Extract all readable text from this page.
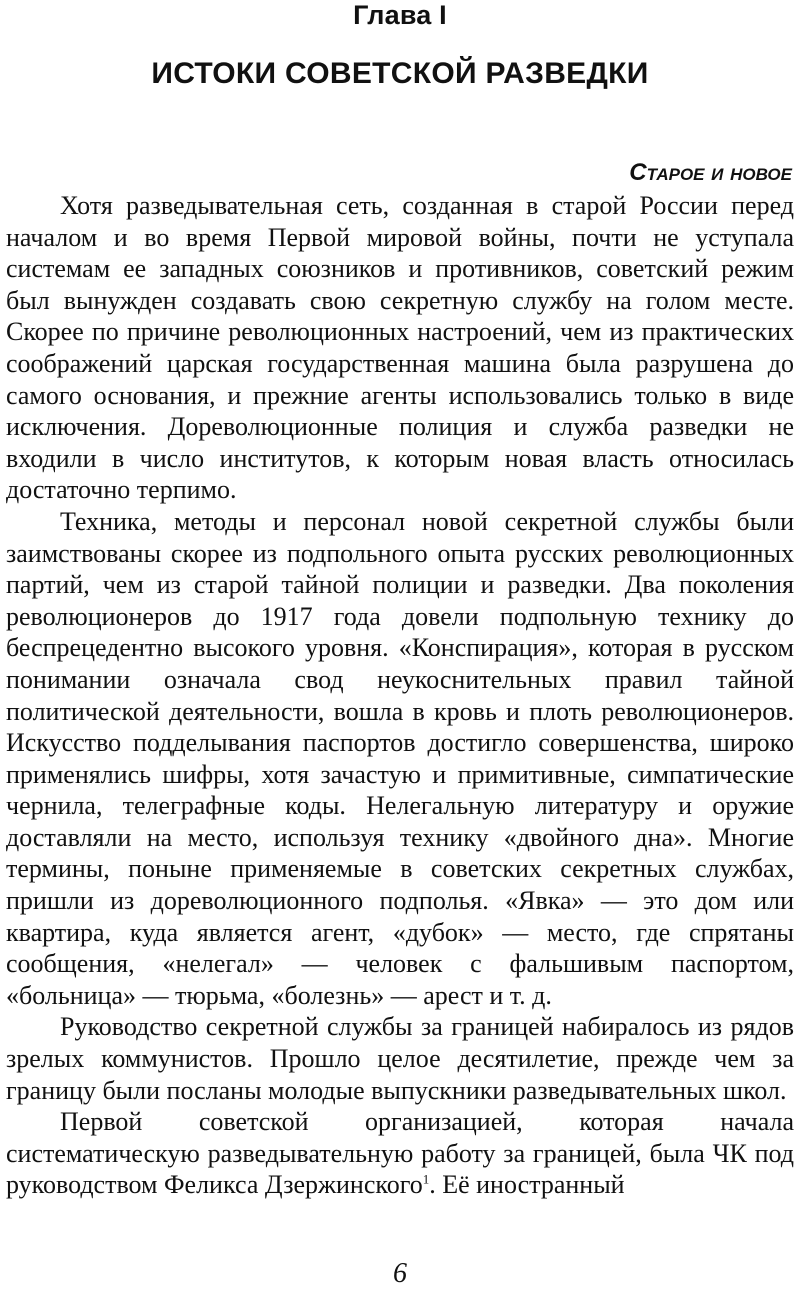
Глава I
ИСТОКИ СОВЕТСКОЙ РАЗВЕДКИ
Старое и новое

Хотя разведывательная сеть, созданная в старой России перед началом и во время Первой мировой войны, почти не уступала системам ее западных союзников и противников, советский режим был вынужден создавать свою секретную службу на голом месте. Скорее по причине революционных настроений, чем из практических соображений царская государственная машина была разрушена до самого основания, и прежние агенты использовались только в виде исключения. Дореволюционные полиция и служба разведки не входили в число институтов, к которым новая власть относилась достаточно терпимо.

Техника, методы и персонал новой секретной службы были заимствованы скорее из подпольного опыта русских революционных партий, чем из старой тайной полиции и разведки. Два поколения революционеров до 1917 года довели подпольную технику до беспрецедентно высокого уровня. «Конспирация», которая в русском понимании означала свод неукоснительных правил тайной политической деятельности, вошла в кровь и плоть революционеров. Искусство подделывания паспортов достигло совершенства, широко применялись шифры, хотя зачастую и примитивные, симпатические чернила, телеграфные коды. Нелегальную литературу и оружие доставляли на место, используя технику «двойного дна». Многие термины, поныне применяемые в советских секретных службах, пришли из дореволюционного подполья. «Явка» — это дом или квартира, куда является агент, «дубок» — место, где спрятаны сообщения, «нелегал» — человек с фальшивым паспортом, «больница» — тюрьма, «болезнь» — арест и т. д.

Руководство секретной службы за границей набиралось из рядов зрелых коммунистов. Прошло целое десятилетие, прежде чем за границу были посланы молодые выпускники разведывательных школ.

Первой советской организацией, которая начала систематическую разведывательную работу за границей, была ЧК под руководством Феликса Дзержинского$^1$. Её иностранный

6
